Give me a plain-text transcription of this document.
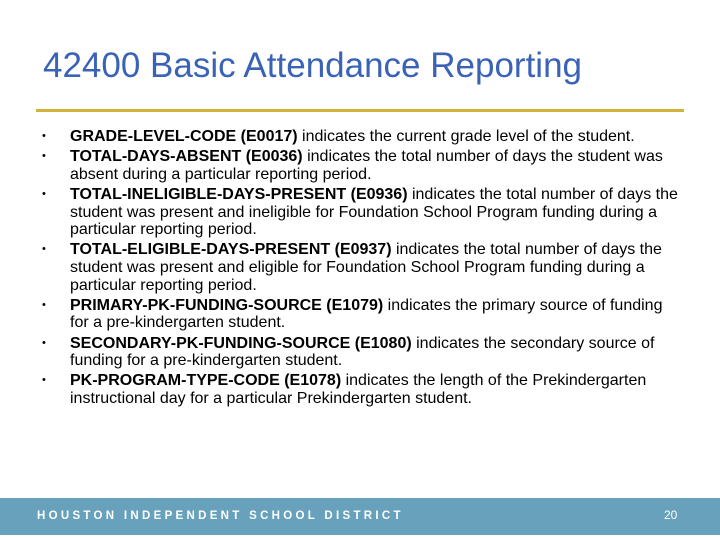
42400 Basic Attendance Reporting
• GRADE-LEVEL-CODE (E0017) indicates the current grade level of the student.
• TOTAL-DAYS-ABSENT (E0036) indicates the total number of days the student was absent during a particular reporting period.
• TOTAL-INELIGIBLE-DAYS-PRESENT (E0936) indicates the total number of days the student was present and ineligible for Foundation School Program funding during a particular reporting period.
• TOTAL-ELIGIBLE-DAYS-PRESENT (E0937) indicates the total number of days the student was present and eligible for Foundation School Program funding during a particular reporting period.
• PRIMARY-PK-FUNDING-SOURCE (E1079) indicates the primary source of funding for a pre-kindergarten student.
• SECONDARY-PK-FUNDING-SOURCE (E1080) indicates the secondary source of funding for a pre-kindergarten student.
• PK-PROGRAM-TYPE-CODE (E1078) indicates the length of the Prekindergarten instructional day for a particular Prekindergarten student.
HOUSTON INDEPENDENT SCHOOL DISTRICT	20
